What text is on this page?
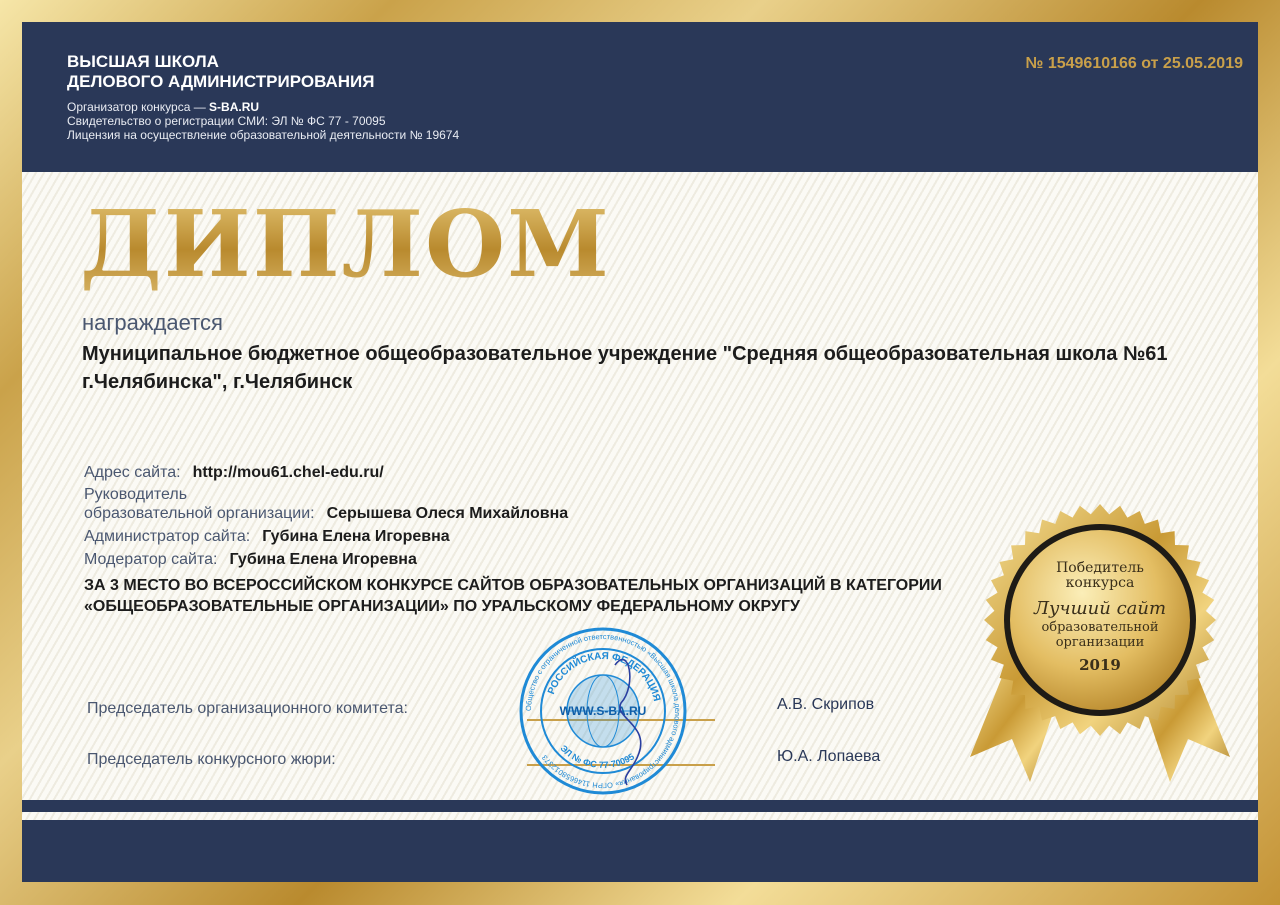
ВЫСШАЯ ШКОЛА
ДЕЛОВОГО АДМИНИСТРИРОВАНИЯ
Организатор конкурса — S-BA.RU
Свидетельство о регистрации СМИ: ЭЛ № ФС 77 - 70095
Лицензия на осуществление образовательной деятельности № 19674
№ 1549610166 от 25.05.2019
ДИПЛОМ
награждается
Муниципальное бюджетное общеобразовательное учреждение "Средняя общеобразовательная школа №61 г.Челябинска", г.Челябинск
Адрес сайта: http://mou61.chel-edu.ru/
Руководитель
образовательной организации: Серышева Олеся Михайловна
Администратор сайта: Губина Елена Игоревна
Модератор сайта: Губина Елена Игоревна
ЗА 3 МЕСТО ВО ВСЕРОССИЙСКОМ КОНКУРСЕ САЙТОВ ОБРАЗОВАТЕЛЬНЫХ ОРГАНИЗАЦИЙ В КАТЕГОРИИ «ОБЩЕОБРАЗОВАТЕЛЬНЫЕ ОРГАНИЗАЦИИ» ПО УРАЛЬСКОМУ ФЕДЕРАЛЬНОМУ ОКРУГУ
Председатель организационного комитета:	А.В. Скрипов
Председатель конкурсного жюри:	Ю.А. Лопаева
Общество с ограниченной ответственностью «Высшая школа делового администрирования» ОГРН 1146658012373
РОССИЙСКАЯ ФЕДЕРАЦИЯ
WWW.S-BA.RU
ЭЛ № ФС 77-70095
Победитель
конкурса
Лучший сайт
образовательной
организации
2019
